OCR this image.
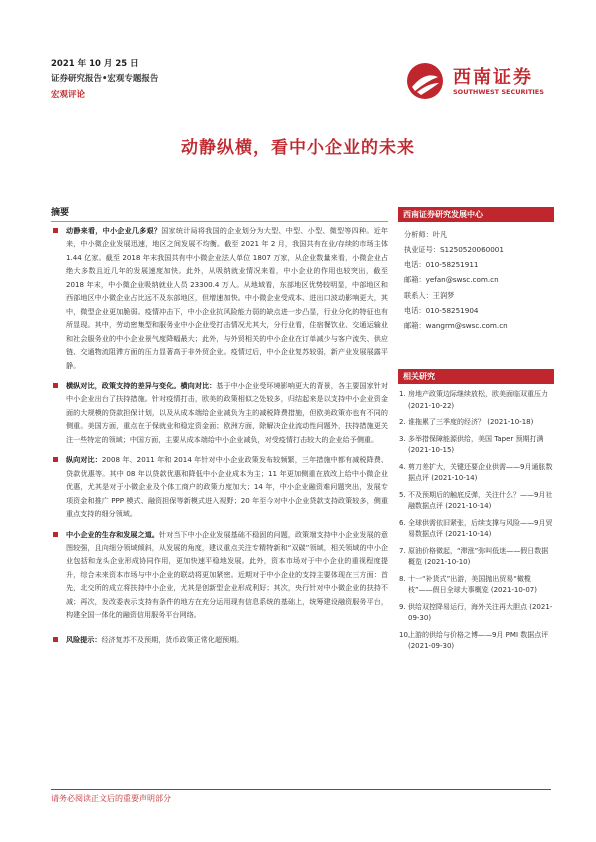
2021 年 10 月 25 日
证券研究报告•宏观专题报告
宏观评论
西南证券
SOUTHWEST SECURITIES
动静纵横，看中小企业的未来
摘要

动静来看，中小企业几多艰？国家统计局将我国的企业划分为大型、中型、小型、微型等四种。近年来，中小微企业发展迅速，地区之间发展不均衡。截至 2021 年 2 月，我国共有在业/存续的市场主体 1.44 亿家。截至 2018 年末我国共有中小微企业法人单位 1807 万家，从企业数量来看，小微企业占绝大多数且近几年的发展速度加快。此外，从吸纳就业情况来看，中小企业的作用也较突出，截至 2018 年末，中小微企业吸纳就业人员 23300.4 万人。从地域看，东部地区优势较明显，中部地区和西部地区中小微企业占比远不及东部地区，但增速加快。中小微企业受成本、进出口波动影响更大，其中，微型企业更加脆弱。疫情冲击下，中小企业抗风险能力弱的缺点进一步凸显，行业分化的特征也有所显现。其中，劳动密集型和服务业中小企业受打击情况尤其大，分行业看，住宿餐饮业、交通运输业和社会服务业的中小企业景气度降幅最大；此外，与外贸相关的中小企业在订单减少与客户流失、供应链、交通物流阻滞方面的压力显著高于非外贸企业。疫情过后，中小企业复苏较弱，新产业发展展露平静。

横纵对比，政策支持的差异与变化。横向对比：基于中小企业受环境影响更大的背景，各主要国家针对中小企业出台了扶持措施。针对疫情打击，欧美的政策相似之处较多，归结起来是以支持中小企业资金面的大规模的贷款担保计划，以及从成本端给企业减负为主的减税降费措施，但欧美政策亦也有不同的侧重。美国方面，重点在于保就业和稳定资金面；欧洲方面，除解决企业流动性问题外，扶持措施更关注一些特定的领域；中国方面，主要从成本端给中小企业减负，对受疫情打击较大的企业给予侧重。

纵向对比：2008 年、2011 年和 2014 年针对中小企业政策发布较频繁，三年措施中都有减税降费、贷款优惠等。其中 08 年以贷款优惠和降低中小企业成本为主；11 年更加侧重在放改上给中小微企业优惠，尤其是对于小微企业及个体工商户的政策力度加大；14 年，中小企业融资难问题突出，发展专项资金和推广 PPP 模式、融资担保等新模式进入视野；20 年至今对中小企业贷款支持政策较多，侧重重点支持的细分领域。

中小企业的生存和发展之道。针对当下中小企业发展基础不稳固的问题，政策端支持中小企业发展的意图较强，且向细分领域倾斜，从发展的角度，建议重点关注专精特新和“双碳”领域，相关领域的中小企业包括和龙头企业形成协同作用，更加快速平稳地发展。此外，资本市场对于中小企业的重视程度提升，综合未来资本市场与中小企业的联动将更加紧密。近期对于中小企业的支持主要体现在三方面：首先，北交所的成立将扶持中小企业，尤其是创新型企业形成利好；其次，央行针对中小微企业的扶持不减；再次，发改委表示支持有条件的地方在充分运用现有信息系统的基础上，统筹建设融资服务平台，构建全国一体化的融资信用服务平台网络。

风险提示：经济复苏不及预期，货币政策正常化超预期。

西南证券研究发展中心
分析师：叶凡
执业证号：S1250520060001
电话：010-58251911
邮箱：yefan@swsc.com.cn
联系人：王润梦
电话：010-58251904
邮箱：wangrm@swsc.com.cn
相关研究
1. 房地产政策边际继续放松，欧美面临双重压力 (2021-10-22)
2. 谁拖累了三季度的经济？ (2021-10-18)
3. 多举措保障能源供给，美国 Taper 预期打满 (2021-10-15)
4. 剪刀差扩大，关键还要企业供需——9月通胀数据点评 (2021-10-14)
5. 不及预期后的触底反弹，关注什么？——9月社融数据点评 (2021-10-14)
6. 全球供需依旧紧张，后续支撑与风险——9月贸易数据点评 (2021-10-14)
7. 原油价格微起，“滞涨”弥叫低迷——假日数据概览 (2021-10-10)
8. 十一“补货式”出游，美国抛出贸易“橄榄枝”——假日全球大事概览 (2021-10-07)
9. 供给双控降易运行，海外关注再大胆点 (2021-09-30)
10.
上游的供给与价格之博——9月 PMI 数据点评 (2021-09-30)
请务必阅读正文后的重要声明部分
